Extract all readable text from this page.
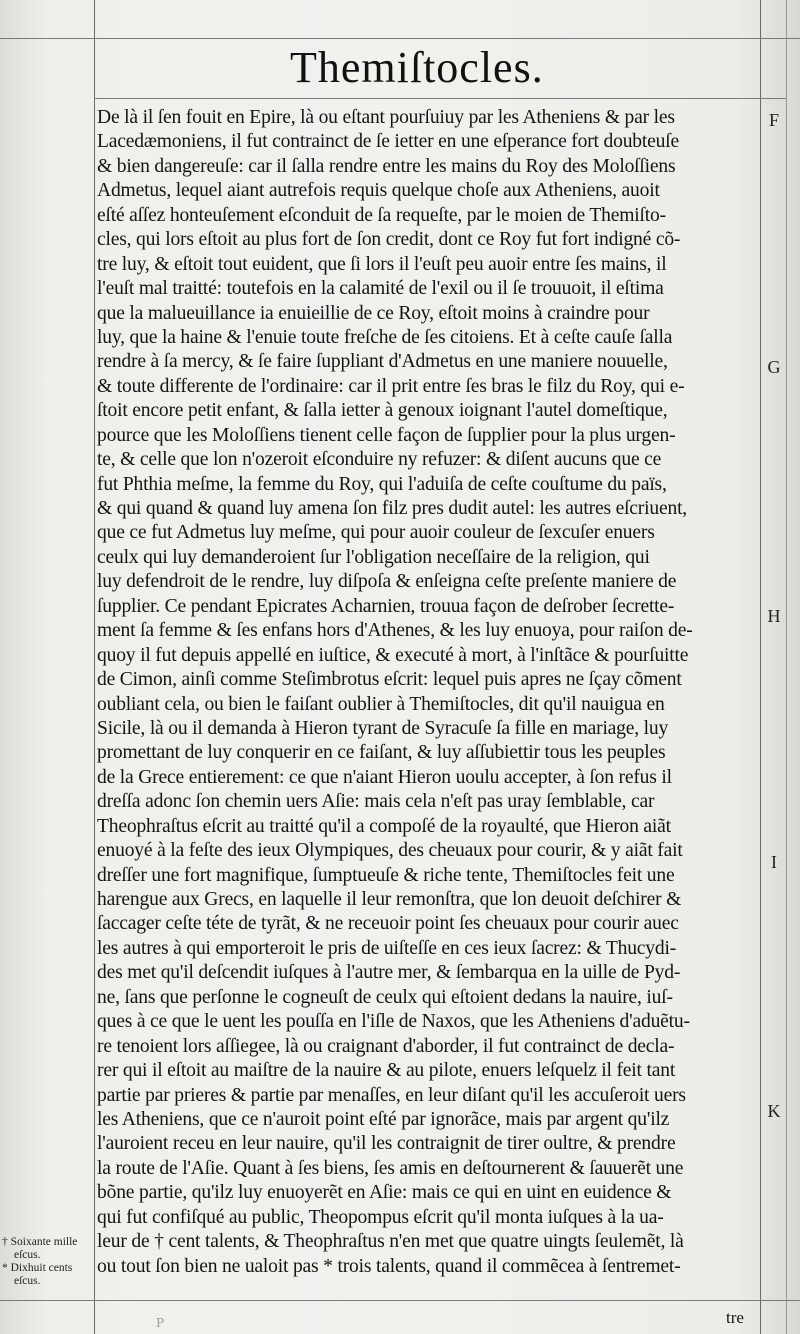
Themiſtocles.
De là il ſen fouit en Epire, là ou eſtant pourſuiuy par les Atheniens & par les
Lacedæmoniens, il fut contrainct de ſe ietter en une eſperance fort doubteuſe
& bien dangereuſe: car il ſalla rendre entre les mains du Roy des Moloſſiens
Admetus, lequel aiant autrefois requis quelque choſe aux Atheniens, auoit
eſté aſſez honteuſement eſconduit de ſa requeſte, par le moien de Themiſto-
cles, qui lors eſtoit au plus fort de ſon credit, dont ce Roy fut fort indigné cõ-
tre luy, & eſtoit tout euident, que ſi lors il l'euſt peu auoir entre ſes mains, il
l'euſt mal traitté: toutefois en la calamité de l'exil ou il ſe trouuoit, il eſtima
que la malueuillance ia enuieillie de ce Roy, eſtoit moins à craindre pour
luy, que la haine & l'enuie toute freſche de ſes citoiens. Et à ceſte cauſe ſalla
rendre à ſa mercy, & ſe faire ſuppliant d'Admetus en une maniere nouuelle,
& toute differente de l'ordinaire: car il prit entre ſes bras le filz du Roy, qui e-
ſtoit encore petit enfant, & ſalla ietter à genoux ioignant l'autel domeſtique,
pource que les Moloſſiens tienent celle façon de ſupplier pour la plus urgen-
te, & celle que lon n'ozeroit eſconduire ny refuzer: & diſent aucuns que ce
fut Phthia meſme, la femme du Roy, qui l'aduiſa de ceſte couſtume du païs,
& qui quand & quand luy amena ſon filz pres dudit autel: les autres eſcriuent,
que ce fut Admetus luy meſme, qui pour auoir couleur de ſexcuſer enuers
ceulx qui luy demanderoient ſur l'obligation neceſſaire de la religion, qui
luy defendroit de le rendre, luy diſpoſa & enſeigna ceſte preſente maniere de
ſupplier. Ce pendant Epicrates Acharnien, trouua façon de deſrober ſecrette-
ment ſa femme & ſes enfans hors d'Athenes, & les luy enuoya, pour raiſon de-
quoy il fut depuis appellé en iuſtice, & executé à mort, à l'inſtãce & pourſuitte
de Cimon, ainſi comme Steſimbrotus eſcrit: lequel puis apres ne ſçay cõment
oubliant cela, ou bien le faiſant oublier à Themiſtocles, dit qu'il nauigua en
Sicile, là ou il demanda à Hieron tyrant de Syracuſe ſa fille en mariage, luy
promettant de luy conquerir en ce faiſant, & luy aſſubiettir tous les peuples
de la Grece entierement: ce que n'aiant Hieron uoulu accepter, à ſon refus il
dreſſa adonc ſon chemin uers Aſie: mais cela n'eſt pas uray ſemblable, car
Theophraſtus eſcrit au traitté qu'il a compoſé de la royaulté, que Hieron aiãt
enuoyé à la feſte des ieux Olympiques, des cheuaux pour courir, & y aiãt fait
dreſſer une fort magnifique, ſumptueuſe & riche tente, Themiſtocles feit une
harengue aux Grecs, en laquelle il leur remonſtra, que lon deuoit deſchirer &
ſaccager ceſte téte de tyrãt, & ne receuoir point ſes cheuaux pour courir auec
les autres à qui emporteroit le pris de uiſteſſe en ces ieux ſacrez: & Thucydi-
des met qu'il deſcendit iuſques à l'autre mer, & ſembarqua en la uille de Pyd-
ne, ſans que perſonne le cogneuſt de ceulx qui eſtoient dedans la nauire, iuſ-
ques à ce que le uent les pouſſa en l'iſle de Naxos, que les Atheniens d'aduẽtu-
re tenoient lors aſſiegee, là ou craignant d'aborder, il fut contrainct de decla-
rer qui il eſtoit au maiſtre de la nauire & au pilote, enuers leſquelz il feit tant
partie par prieres & partie par menaſſes, en leur diſant qu'il les accuſeroit uers
les Atheniens, que ce n'auroit point eſté par ignorãce, mais par argent qu'ilz
l'auroient receu en leur nauire, qu'il les contraignit de tirer oultre, & prendre
la route de l'Aſie. Quant à ſes biens, ſes amis en deſtournerent & ſauuerẽt une
bõne partie, qu'ilz luy enuoyerẽt en Aſie: mais ce qui en uint en euidence &
qui fut confiſqué au public, Theopompus eſcrit qu'il monta iuſques à la ua-
leur de † cent talents, & Theophraſtus n'en met que quatre uingts ſeulemẽt, là
ou tout ſon bien ne ualoit pas * trois talents, quand il commẽcea à ſentremet-
F
G
H
I
K
† Soixante mille
eſcus.
* Dixhuit cents
eſcus.
P	tre
